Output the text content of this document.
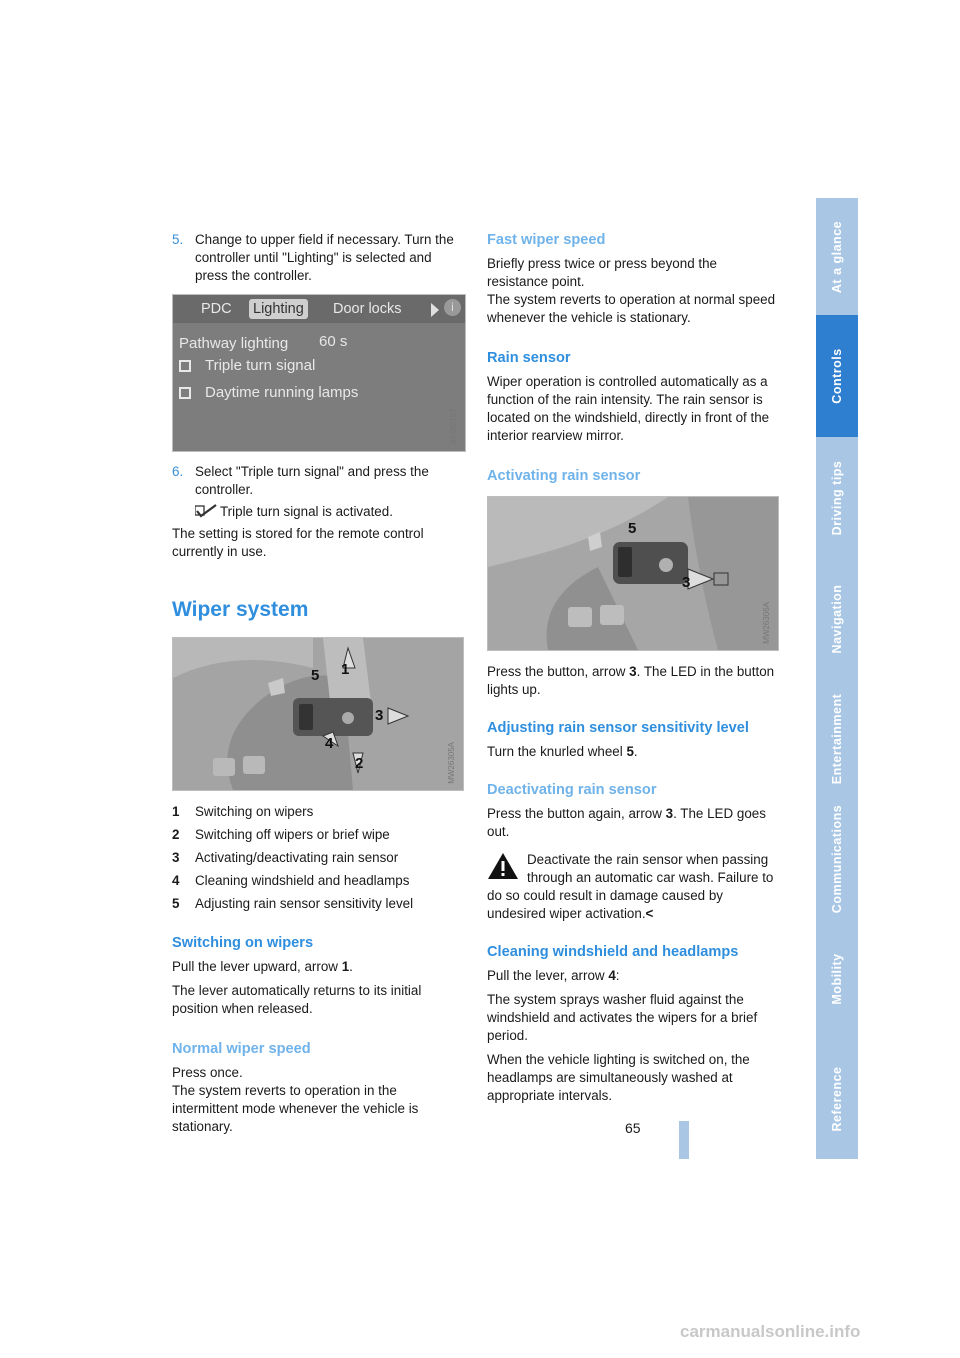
At a glance
Controls
Driving tips
Navigation
Entertainment
Communications
Mobility
Reference
5. Change to upper field if necessary. Turn the controller until "Lighting" is selected and press the controller.
PDC Lighting Door locks	i
Pathway lighting 60 s
Triple turn signal
Daytime running lamps
JR-06/15T
6. Select "Triple turn signal" and press the controller.
Triple turn signal is activated.

The setting is stored for the remote control currently in use.

Wiper system
5 1
3
4
2	MW26305A
1 Switching on wipers
2 Switching off wipers or brief wipe
3 Activating/deactivating rain sensor
4 Cleaning windshield and headlamps
5 Adjusting rain sensor sensitivity level
Switching on wipers

Pull the lever upward, arrow 1.

The lever automatically returns to its initial position when released.

Normal wiper speed

Press once.

The system reverts to operation in the intermittent mode whenever the vehicle is stationary.

Fast wiper speed

Briefly press twice or press beyond the resistance point.

The system reverts to operation at normal speed whenever the vehicle is stationary.

Rain sensor

Wiper operation is controlled automatically as a function of the rain intensity. The rain sensor is located on the windshield, directly in front of the interior rearview mirror.

Activating rain sensor
5
3
MW26306A

Press the button, arrow 3. The LED in the button lights up.

Adjusting rain sensor sensitivity level

Turn the knurled wheel 5.

Deactivating rain sensor

Press the button again, arrow 3. The LED goes out.

Deactivate the rain sensor when passing through an automatic car wash. Failure to do so could result in damage caused by undesired wiper activation.<

Cleaning windshield and headlamps

Pull the lever, arrow 4:

The system sprays washer fluid against the windshield and activates the wipers for a brief period.

When the vehicle lighting is switched on, the headlamps are simultaneously washed at appropriate intervals.

65
carmanualsonline.info
